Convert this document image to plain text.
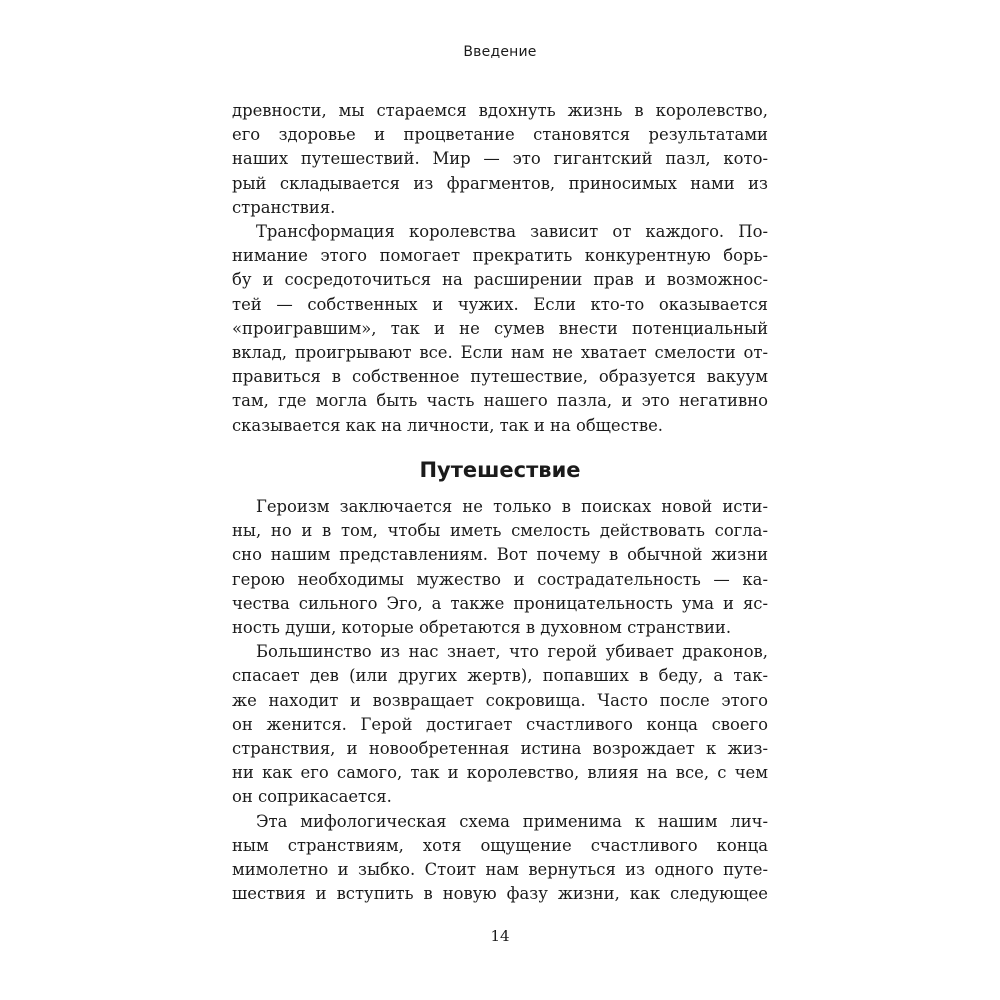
Введение
древности, мы стараемся вдохнуть жизнь в королевство,
его здоровье и процветание становятся результатами
наших путешествий. Мир — это гигантский пазл, кото-
рый складывается из фрагментов, приносимых нами из
странствия.
Трансформация королевства зависит от каждого. По-
нимание этого помогает прекратить конкурентную борь-
бу и сосредоточиться на расширении прав и возможнос-
тей — собственных и чужих. Если кто-то оказывается
«проигравшим», так и не сумев внести потенциальный
вклад, проигрывают все. Если нам не хватает смелости от-
правиться в собственное путешествие, образуется вакуум
там, где могла быть часть нашего пазла, и это негативно
сказывается как на личности, так и на обществе.
Путешествие
Героизм заключается не только в поисках новой исти-
ны, но и в том, чтобы иметь смелость действовать согла-
сно нашим представлениям. Вот почему в обычной жизни
герою необходимы мужество и сострадательность — ка-
чества сильного Эго, а также проницательность ума и яс-
ность души, которые обретаются в духовном странствии.
Большинство из нас знает, что герой убивает драконов,
спасает дев (или других жертв), попавших в беду, а так-
же находит и возвращает сокровища. Часто после этого
он женится. Герой достигает счастливого конца своего
странствия, и новообретенная истина возрождает к жиз-
ни как его самого, так и королевство, влияя на все, с чем
он соприкасается.
Эта мифологическая схема применима к нашим лич-
ным странствиям, хотя ощущение счастливого конца
мимолетно и зыбко. Стоит нам вернуться из одного путе-
шествия и вступить в новую фазу жизни, как следующее
14
